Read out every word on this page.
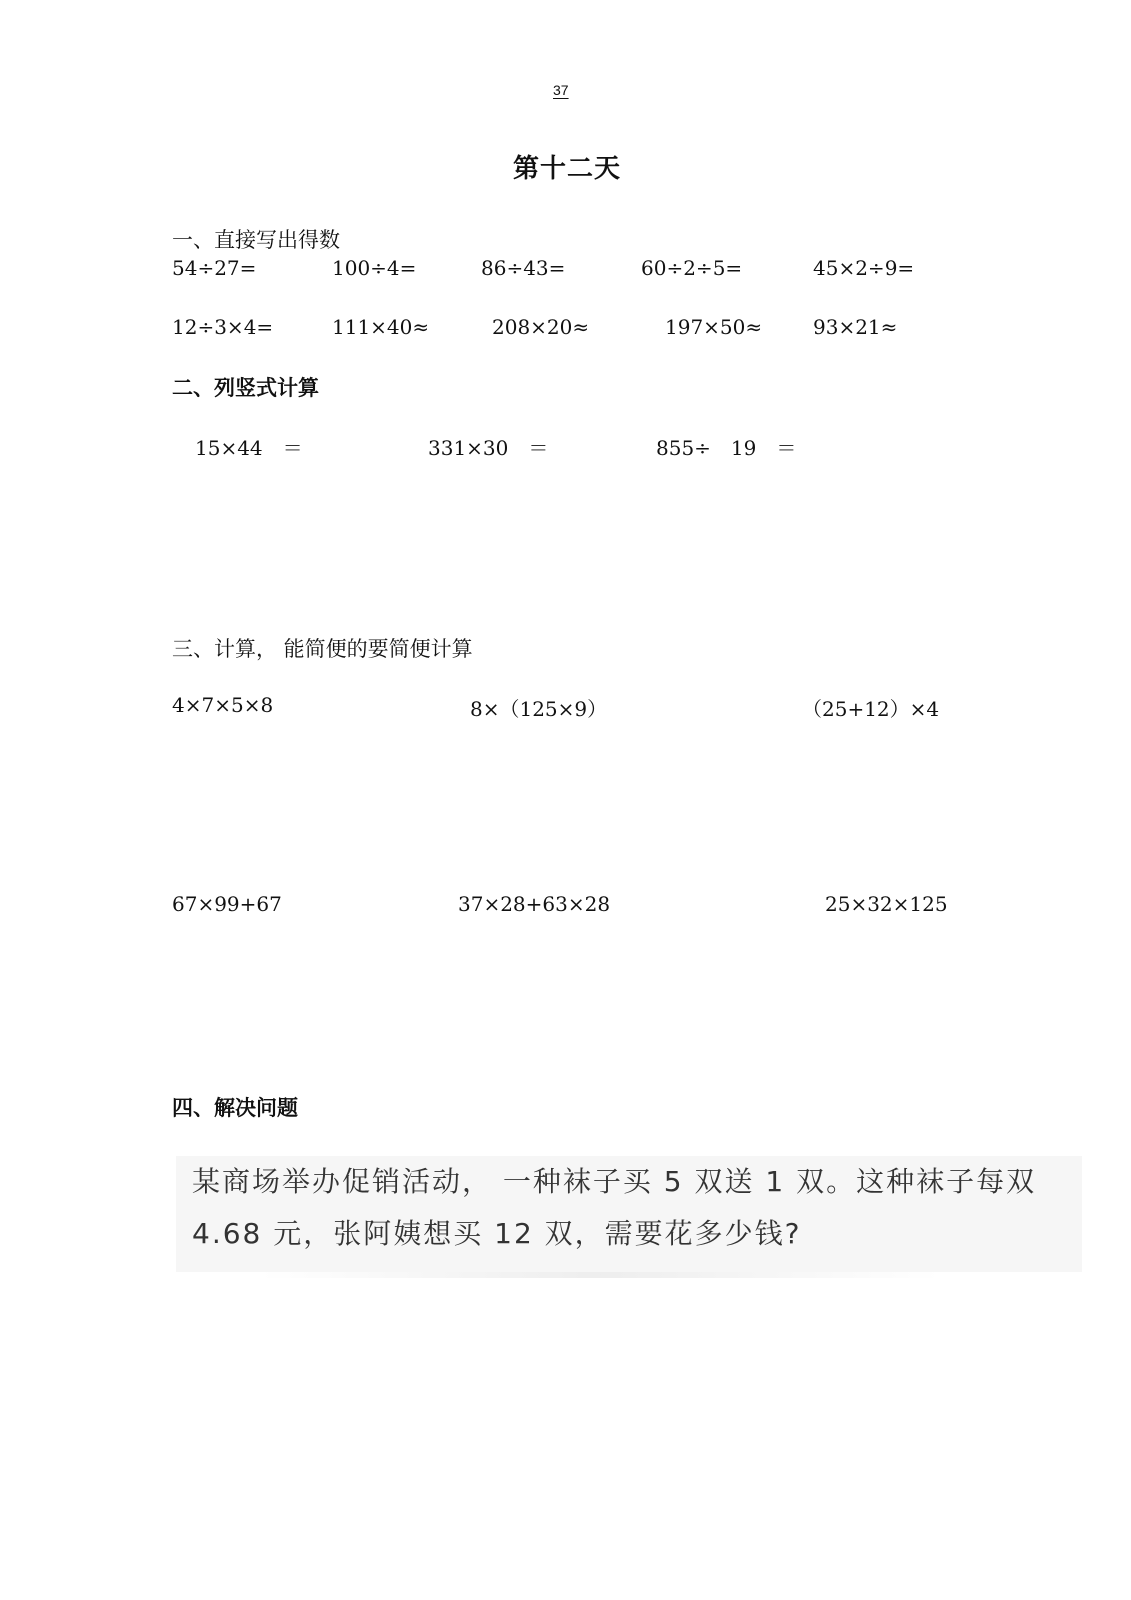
37
第十二天
一、直接写出得数
54÷27=	100÷4=	86÷43=	60÷2÷5=	45×2÷9=
12÷3×4=	111×40≈	208×20≈	197×50≈	93×21≈
二、列竖式计算
15×44　＝	331×30　＝	855÷　19　＝
三、计算， 能简便的要简便计算
4×7×5×8	8×（125×9）	（25+12）×4
67×99+67	37×28+63×28	25×32×125
四、解决问题
某商场举办促销活动， 一种袜子买 5 双送 1 双。这种袜子每双 4.68 元，张阿姨想买 12 双，需要花多少钱?
